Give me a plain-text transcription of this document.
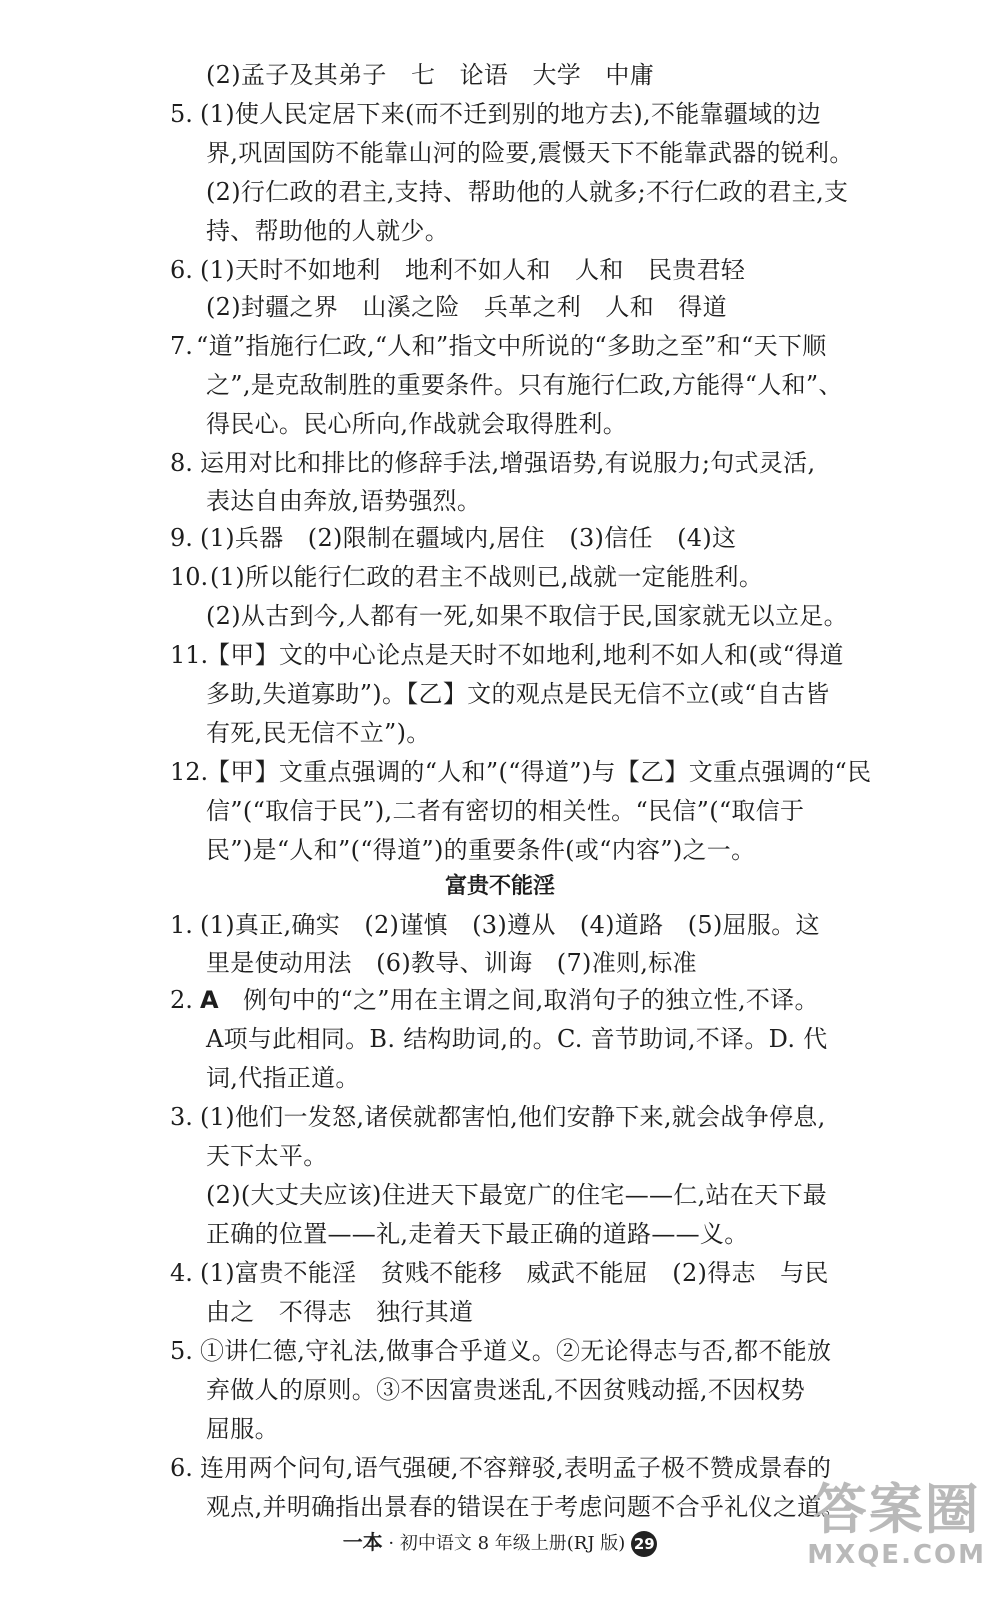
(2)孟子及其弟子　七　论语　大学　中庸
5. (1)使人民定居下来(而不迁到别的地方去),不能靠疆域的边
界,巩固国防不能靠山河的险要,震慑天下不能靠武器的锐利。
(2)行仁政的君主,支持、帮助他的人就多;不行仁政的君主,支
持、帮助他的人就少。
6. (1)天时不如地利　地利不如人和　人和　民贵君轻
(2)封疆之界　山溪之险　兵革之利　人和　得道
7. “道”指施行仁政,“人和”指文中所说的“多助之至”和“天下顺
之”,是克敌制胜的重要条件。只有施行仁政,方能得“人和”、
得民心。民心所向,作战就会取得胜利。
8. 运用对比和排比的修辞手法,增强语势,有说服力;句式灵活,
表达自由奔放,语势强烈。
9. (1)兵器　(2)限制在疆域内,居住　(3)信任　(4)这
10. (1)所以能行仁政的君主不战则已,战就一定能胜利。
(2)从古到今,人都有一死,如果不取信于民,国家就无以立足。
11.
【甲】文的中心论点是天时不如地利,地利不如人和(或“得道
多助,失道寡助”)。【乙】文的观点是民无信不立(或“自古皆
有死,民无信不立”)。
12.
【甲】文重点强调的“人和”(“得道”)与【乙】文重点强调的“民
信”(“取信于民”),二者有密切的相关性。“民信”(“取信于
民”)是“人和”(“得道”)的重要条件(或“内容”)之一。
富贵不能淫
1. (1)真正,确实　(2)谨慎　(3)遵从　(4)道路　(5)屈服。这
里是使动用法　(6)教导、训诲　(7)准则,标准
2. A　例句中的“之”用在主谓之间,取消句子的独立性,不译。
A项与此相同。B. 结构助词,的。C. 音节助词,不译。D. 代
词,代指正道。
3. (1)他们一发怒,诸侯就都害怕,他们安静下来,就会战争停息,
天下太平。
(2)(大丈夫应该)住进天下最宽广的住宅——仁,站在天下最
正确的位置——礼,走着天下最正确的道路——义。
4. (1)富贵不能淫　贫贱不能移　威武不能屈　(2)得志　与民
由之　不得志　独行其道
5. ①讲仁德,守礼法,做事合乎道义。②无论得志与否,都不能放
弃做人的原则。③不因富贵迷乱,不因贫贱动摇,不因权势
屈服。
6. 连用两个问句,语气强硬,不容辩驳,表明孟子极不赞成景春的
观点,并明确指出景春的错误在于考虑问题不合乎礼仪之道。
一本 · 初中语文 8 年级上册(RJ 版) 29
答案圈
MXQE.COM
